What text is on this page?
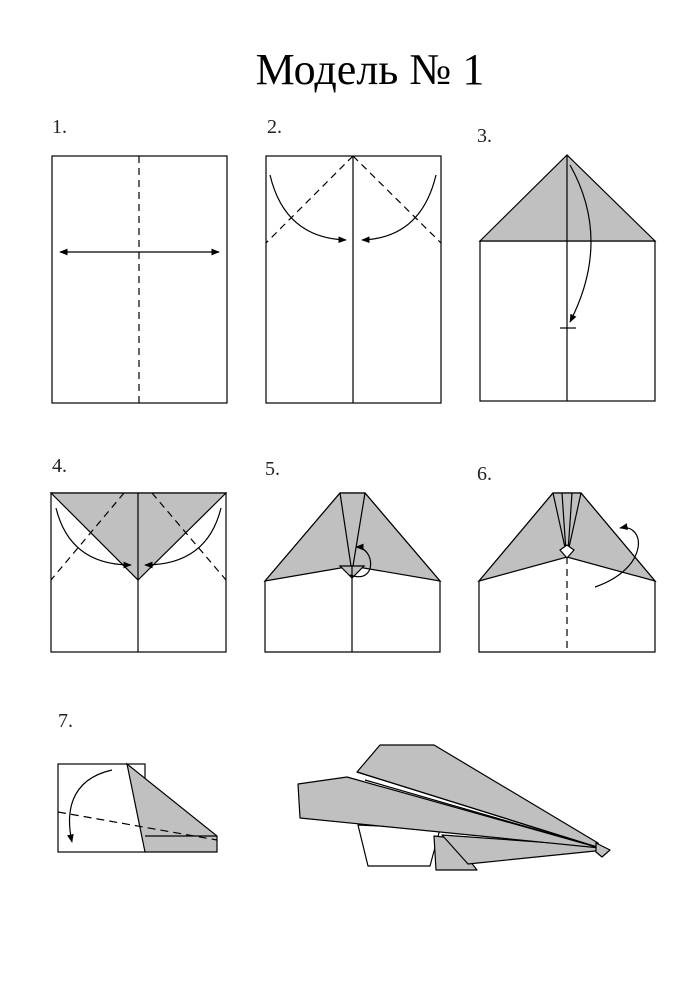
Модель № 1
1.	2.	3.
4.	5.	6.
7.
